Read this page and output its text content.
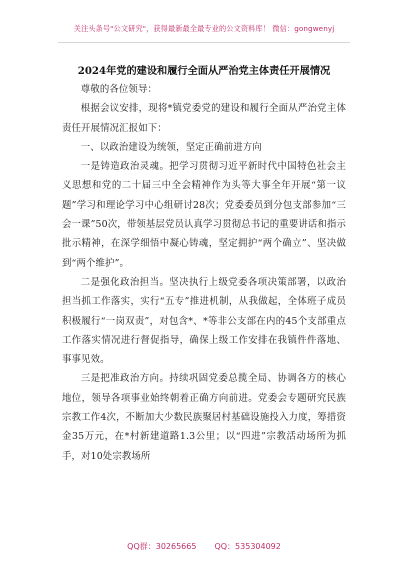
关注头条号"公文研究"，获得最新最全最专业的公文资料库！ 微信：gongwenyj
2024年党的建设和履行全面从严治党主体责任开展情况

尊敬的各位领导：

根据会议安排，现将*镇党委党的建设和履行全面从严治党主体责任开展情况汇报如下：

一、以政治建设为统领，坚定正确前进方向

一是铸造政治灵魂。把学习贯彻习近平新时代中国特色社会主义思想和党的二十届三中全会精神作为头等大事全年开展“第一议题”学习和理论学习中心组研讨28次；党委委员到分包支部参加“三会一课”50次，带领基层党员认真学习贯彻总书记的重要讲话和指示批示精神，在深学细悟中凝心铸魂，坚定拥护“两个确立”、坚决做到“两个维护”。

二是强化政治担当。坚决执行上级党委各项决策部署，以政治担当抓工作落实，实行“五专”推进机制，从我做起，全体班子成员积极履行“一岗双责”，对包含*、*等非公支部在内的45个支部重点工作落实情况进行督促指导，确保上级工作安排在我镇件件落地、事事见效。

三是把准政治方向。持续巩固党委总揽全局、协调各方的核心地位，领导各项事业始终朝着正确方向前进。党委会专题研究民族宗教工作4次，不断加大少数民族聚居村基础设施投入力度，筹措资金35万元，在*村新建道路1.3公里；以“四进”宗教活动场所为抓手，对10处宗教场所

QQ群：30265665 QQ：535304092
